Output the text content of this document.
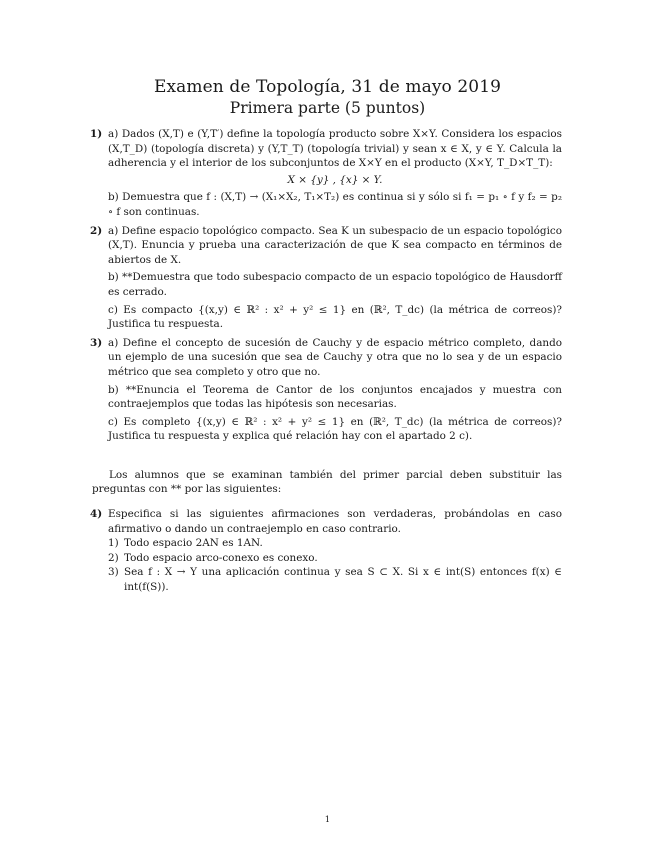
Examen de Topología, 31 de mayo 2019
Primera parte (5 puntos)
1) a) Dados (X,T) e (Y,T′) define la topología producto sobre X×Y. Considera los espacios (X,T_D) (topología discreta) y (Y,T_T) (topología trivial) y sean x ∈ X, y ∈ Y. Calcula la adherencia y el interior de los subconjuntos de X×Y en el producto (X×Y, T_D×T_T):

X × {y} , {x} × Y.

b) Demuestra que f : (X,T) → (X₁×X₂, T₁×T₂) es continua si y sólo si f₁ = p₁ ∘ f y f₂ = p₂ ∘ f son continuas.

2) a) Define espacio topológico compacto. Sea K un subespacio de un espacio topológico (X,T). Enuncia y prueba una caracterización de que K sea compacto en términos de abiertos de X.

b) **Demuestra que todo subespacio compacto de un espacio topológico de Hausdorff es cerrado.

c) Es compacto {(x,y) ∈ ℝ² : x² + y² ≤ 1} en (ℝ², T_dc) (la métrica de correos)? Justifica tu respuesta.

3) a) Define el concepto de sucesión de Cauchy y de espacio métrico completo, dando un ejemplo de una sucesión que sea de Cauchy y otra que no lo sea y de un espacio métrico que sea completo y otro que no.

b) **Enuncia el Teorema de Cantor de los conjuntos encajados y muestra con contraejemplos que todas las hipótesis son necesarias.

c) Es completo {(x,y) ∈ ℝ² : x² + y² ≤ 1} en (ℝ², T_dc) (la métrica de correos)? Justifica tu respuesta y explica qué relación hay con el apartado 2 c).

Los alumnos que se examinan también del primer parcial deben substituir las preguntas con ** por las siguientes:

4) Especifica si las siguientes afirmaciones son verdaderas, probándolas en caso afirmativo o dando un contraejemplo en caso contrario.

1) Todo espacio 2AN es 1AN.
2) Todo espacio arco-conexo es conexo.
3) Sea f : X → Y una aplicación continua y sea S ⊂ X. Si x ∈ int(S) entonces f(x) ∈ int(f(S)).
1
